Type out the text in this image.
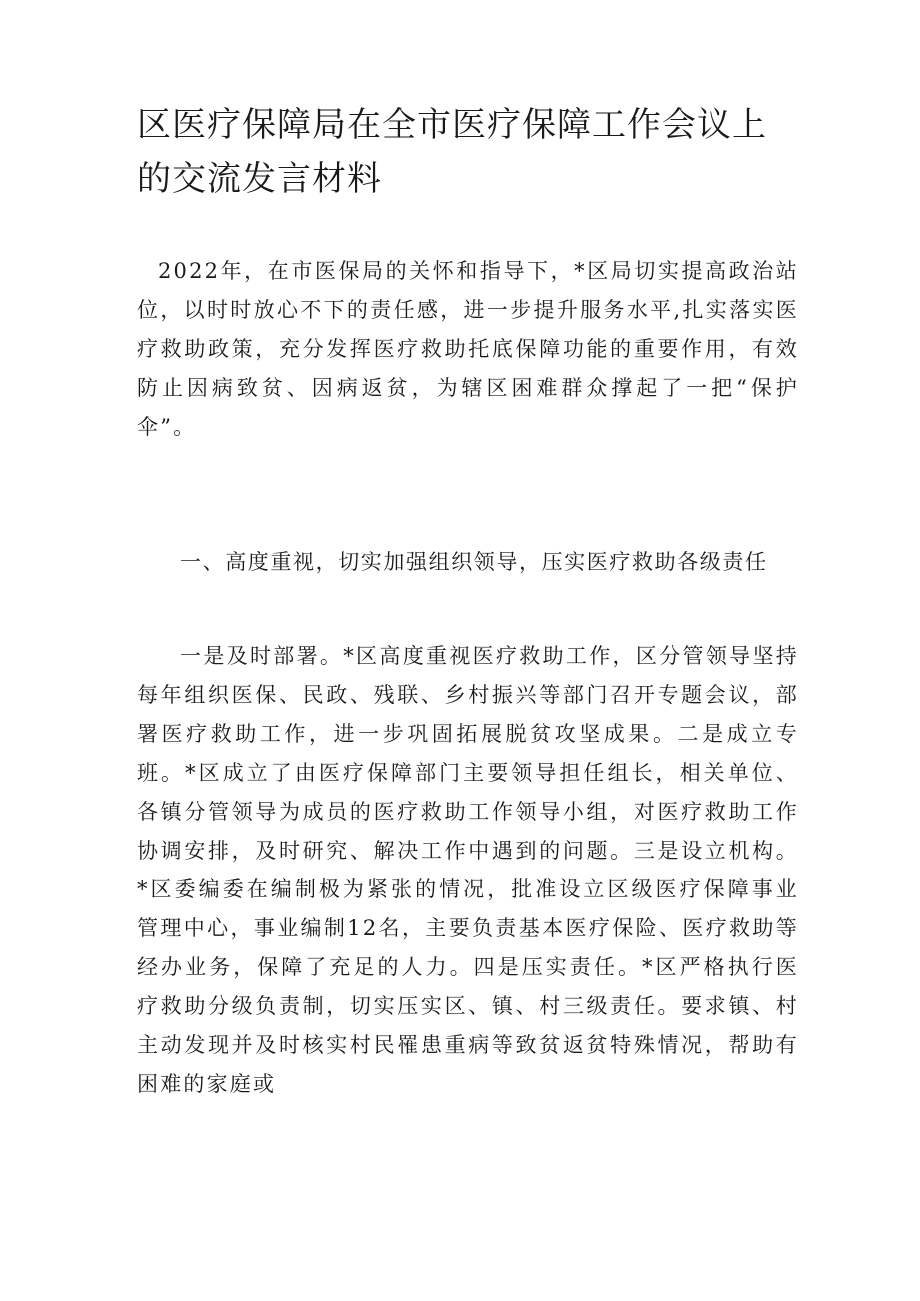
区医疗保障局在全市医疗保障工作会议上的交流发言材料

2022年，在市医保局的关怀和指导下，*区局切实提高政治站位，以时时放心不下的责任感，进一步提升服务水平,扎实落实医疗救助政策，充分发挥医疗救助托底保障功能的重要作用，有效防止因病致贫、因病返贫，为辖区困难群众撑起了一把“保护伞”。

一、高度重视，切实加强组织领导，压实医疗救助各级责任

一是及时部署。*区高度重视医疗救助工作，区分管领导坚持每年组织医保、民政、残联、乡村振兴等部门召开专题会议，部署医疗救助工作，进一步巩固拓展脱贫攻坚成果。二是成立专班。*区成立了由医疗保障部门主要领导担任组长，相关单位、各镇分管领导为成员的医疗救助工作领导小组，对医疗救助工作协调安排，及时研究、解决工作中遇到的问题。三是设立机构。*区委编委在编制极为紧张的情况，批准设立区级医疗保障事业管理中心，事业编制12名，主要负责基本医疗保险、医疗救助等经办业务，保障了充足的人力。四是压实责任。*区严格执行医疗救助分级负责制，切实压实区、镇、村三级责任。要求镇、村主动发现并及时核实村民罹患重病等致贫返贫特殊情况，帮助有困难的家庭或
